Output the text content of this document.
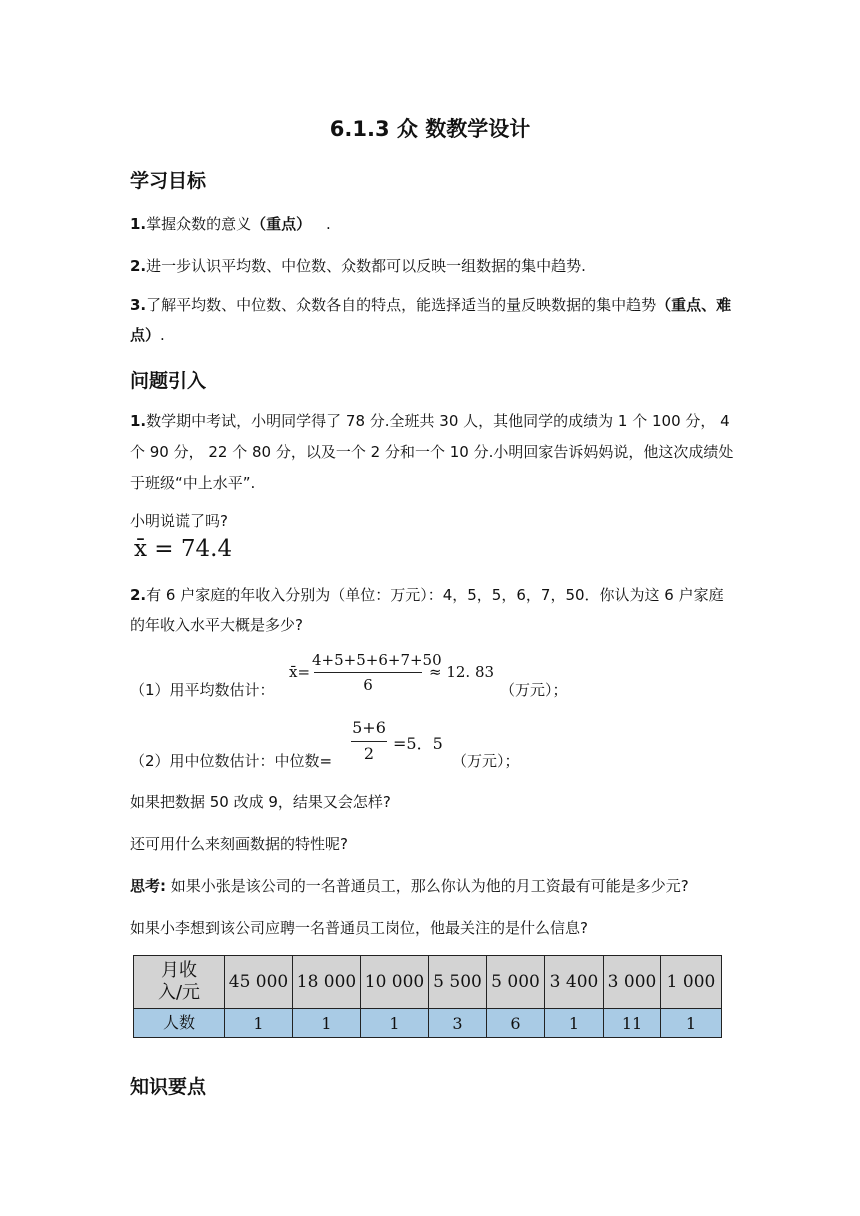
6.1.3 众 数教学设计
学习目标
1.掌握众数的意义（重点） .
2.进一步认识平均数、中位数、众数都可以反映一组数据的集中趋势.
3.了解平均数、中位数、众数各自的特点，能选择适当的量反映数据的集中趋势（重点、难点）.
问题引入
1.数学期中考试，小明同学得了 78 分.全班共 30 人，其他同学的成绩为 1 个 100 分， 4 个 90 分， 22 个 80 分，以及一个 2 分和一个 10 分.小明回家告诉妈妈说，他这次成绩处于班级“中上水平”.
小明说谎了吗?
x̄ = 74.4
2.有 6 户家庭的年收入分别为（单位：万元）：4，5，5，6，7，50．你认为这 6 户家庭的年收入水平大概是多少?
（1）用平均数估计：
x̄=
4+5+5+6+7+50
6
≈ 12. 83
（万元）；
（2）用中位数估计：中位数=
5+6
2
=5．5
（万元）；
如果把数据 50 改成 9，结果又会怎样?
还可用什么来刻画数据的特性呢?
思考: 如果小张是该公司的一名普通员工，那么你认为他的月工资最有可能是多少元?
如果小李想到该公司应聘一名普通员工岗位，他最关注的是什么信息?
月收
入/元	45 000	18 000	10 000	5 500	5 000	3 400	3 000	1 000
人数	1	1	1	3	6	1	11	1
知识要点
